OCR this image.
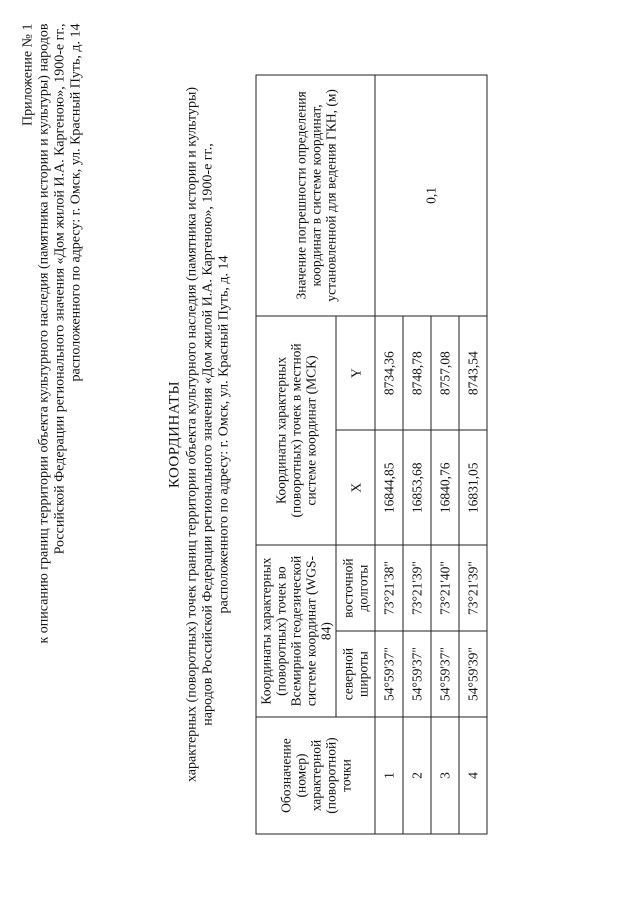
Приложение № 1 к описанию границ территории объекта культурного наследия (памятника истории и культуры) народов Российской Федерации регионального значения «Дом жилой И.А. Каргеною», 1900-е гг., расположенного по адресу: г. Омск, ул. Красный Путь, д. 14
КООРДИНАТЫ характерных (поворотных) точек границ территории объекта культурного наследия (памятника истории и культуры) народов Российской Федерации регионального значения «Дом жилой И.А. Каргеною», 1900-е гг., расположенного по адресу: г. Омск, ул. Красный Путь, д. 14
Обозначение (номер) характерной (поворотной) точки	Координаты характерных (поворотных) точек во Всемирной геодезической системе координат (WGS-84)		Координаты характерных (поворотных) точек в местной системе координат (МСК)		Значение погрешности определения координат в системе координат, установленной для ведения ГКН, (м)
	северной широты	восточной долготы	X	Y	
1	54°59'37"	73°21'38"	16844,85	8734,36	0,1
2	54°59'37"	73°21'39"	16853,68	8748,78	
3	54°59'37"	73°21'40"	16840,76	8757,08	
4	54°59'39"	73°21'39"	16831,05	8743,54	
